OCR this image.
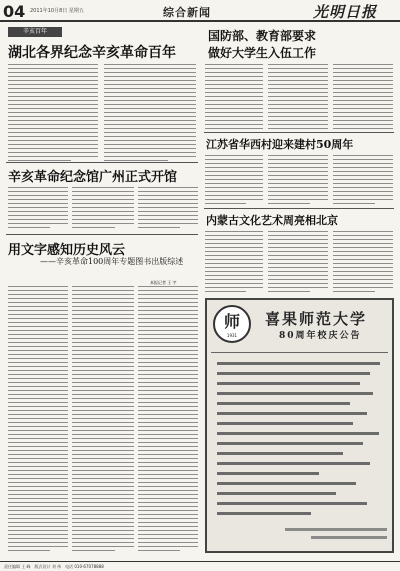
04 2011年10月8日 星期五	综合新闻	光明日报
辛亥百年
湖北各界纪念辛亥革命百年
辛亥革命纪念馆广州正式开馆
用文字感知历史风云
——辛亥革命100周年专题图书出版综述
本报记者 王 宇
国防部、教育部要求
做好大学生入伍工作
江苏省华西村迎来建村50周年
内蒙古文化艺术周亮相北京
师
1931
喜果师范大学
80周年校庆公告
责任编辑 王 峰　版式设计 刘 伟　电话 010-67078888
